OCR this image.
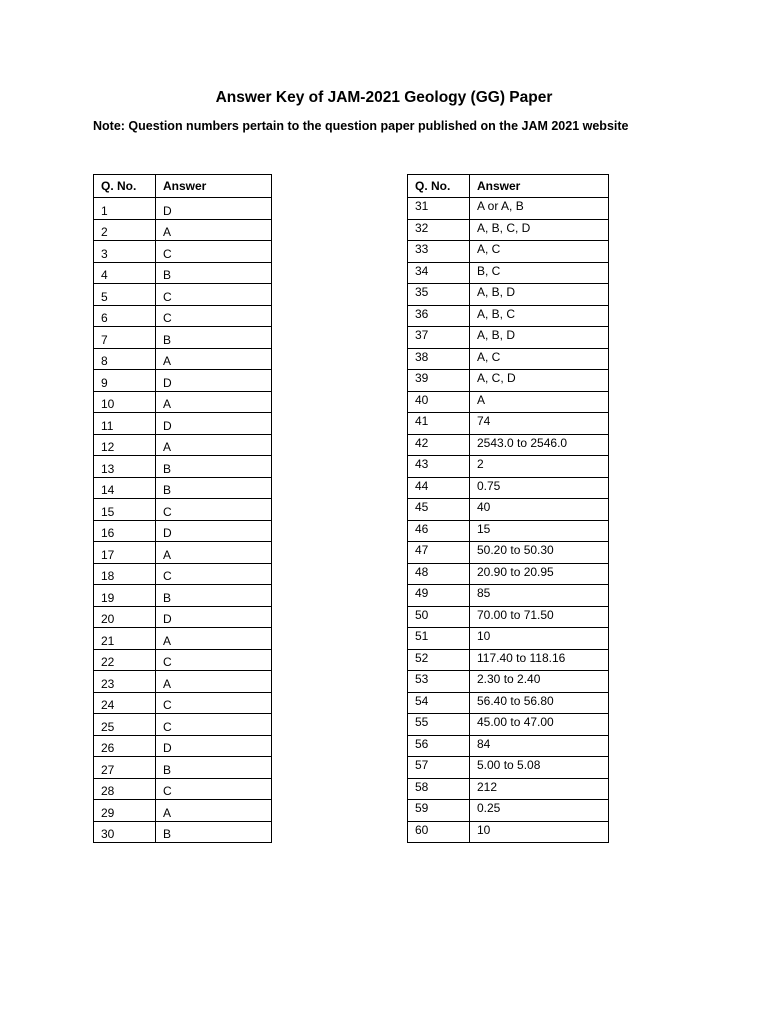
Answer Key of JAM-2021 Geology (GG) Paper
Note: Question numbers pertain to the question paper published on the JAM 2021 website
Q. No.	Answer
1	D
2	A
3	C
4	B
5	C
6	C
7	B
8	A
9	D
10	A
11	D
12	A
13	B
14	B
15	C
16	D
17	A
18	C
19	B
20	D
21	A
22	C
23	A
24	C
25	C
26	D
27	B
28	C
29	A
30	B
Q. No.	Answer
31	A or A, B
32	A, B, C, D
33	A, C
34	B, C
35	A, B, D
36	A, B, C
37	A, B, D
38	A, C
39	A, C, D
40	A
41	74
42	2543.0 to 2546.0
43	2
44	0.75
45	40
46	15
47	50.20 to 50.30
48	20.90 to 20.95
49	85
50	70.00 to 71.50
51	10
52	117.40 to 118.16
53	2.30 to 2.40
54	56.40 to 56.80
55	45.00 to 47.00
56	84
57	5.00 to 5.08
58	212
59	0.25
60	10
